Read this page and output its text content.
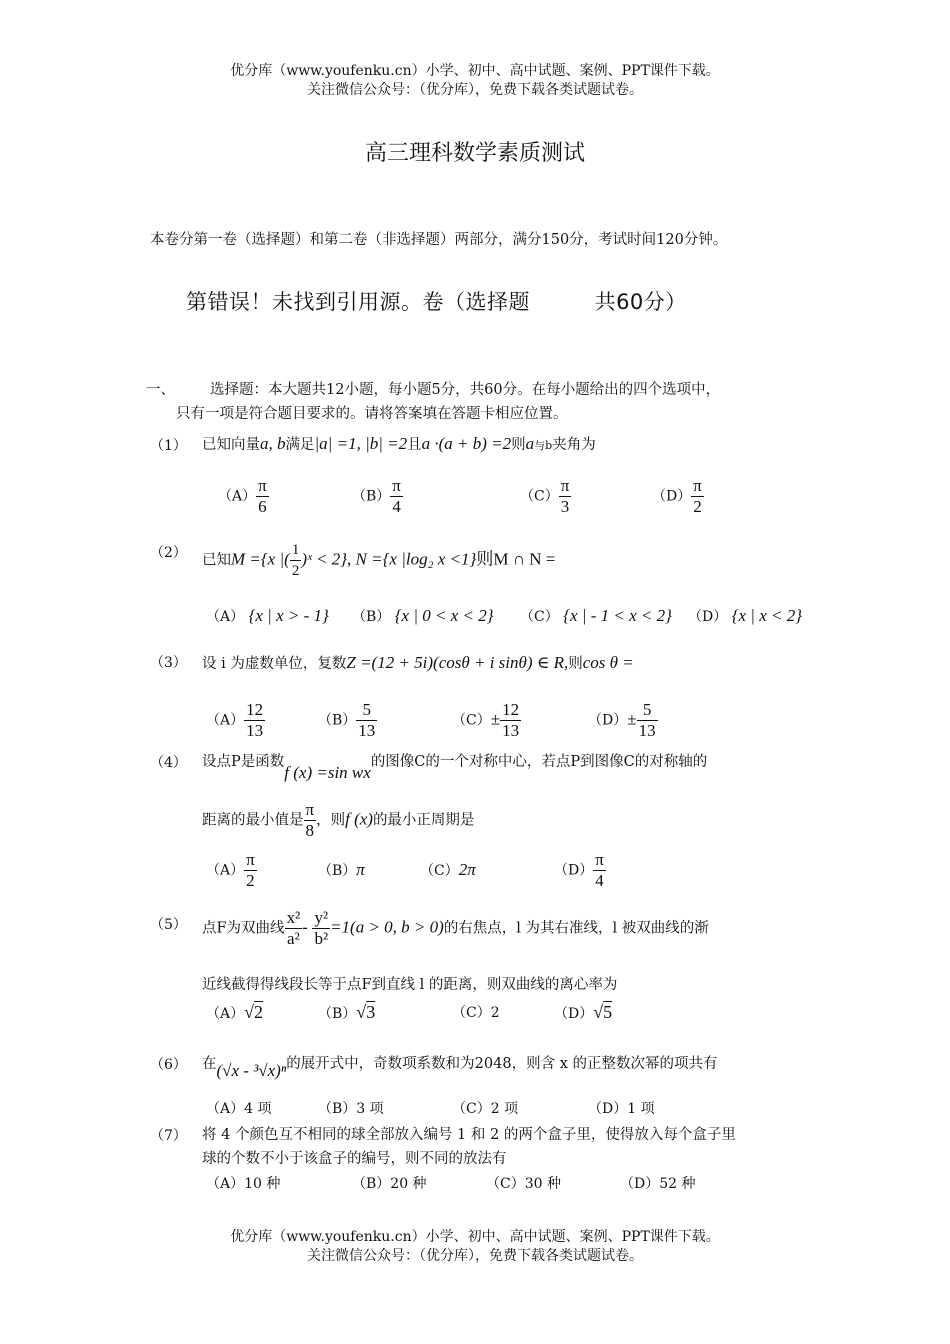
优分库（www.youfenku.cn）小学、初中、高中试题、案例、PPT课件下载。
关注微信公众号：（优分库），免费下载各类试题试卷。
高三理科数学素质测试
本卷分第一卷（选择题）和第二卷（非选择题）两部分，满分150分，考试时间120分钟。
第错误！未找到引用源。卷（选择题         共60分）
一、 选择题：本大题共12小题，每小题5分，共60分。在每小题给出的四个选项中，
只有一项是符合题目要求的。请将答案填在答题卡相应位置。
（1） 已知向量a, b满足|a| =1, |b| =2且a ·(a + b) =2则a与b夹角为
$(A) \frac{\pi}{6}$	$(B) \frac{\pi}{4}$	$(C) \frac{\pi}{3}$	$(D) \frac{\pi}{2}$
（2） 已知M ={x |( $\frac{1}{2}$ )ˣ < 2}, N ={x |log₂ x <1}则M ∩ N =
（A） {x | x > - 1} （B） {x | 0 < x < 2} （C） {x | - 1 < x < 2} （D） {x | x < 2}
（3） 设 i 为虚数单位，复数Z =(12 + 5i)(cosθ + i sinθ) ∈ R,则cos θ =
$(A) \frac{12}{13}$	$(B) \frac{5}{13}$	$(C)\pm \frac{12}{13}$	$(D)\pm \frac{5}{13}$
（4） 设点P是函数f (x) =sin wx的图像C的一个对称中心，若点P到图像C的对称轴的
距离的最小值是 $\frac{\pi}{8}$ ，则f (x)的最小正周期是
$(A) \frac{\pi}{2}$	（B）π	（C）2π	$(D) \frac{\pi}{4}$
（5） 点F为双曲线 $\frac{\text{x²}}{\text{a²}} - \frac{\text{y²}}{\text{b²}} =1(a > 0$, b > 0)的右焦点，l 为其右准线，l 被双曲线的渐
近线截得得线段长等于点F到直线 l 的距离，则双曲线的离心率为
（A）√2	（B）√3	（C）2	（D）√5
（6） 在(√x - ³√x)ⁿ的展开式中，奇数项系数和为2048，则含 x 的正整数次幂的项共有
（A）4 项	（B）3 项	（C）2 项	（D）1 项
（7） 将 4 个颜色互不相同的球全部放入编号 1 和 2 的两个盒子里，使得放入每个盒子里
球的个数不小于该盒子的编号，则不同的放法有
（A）10 种	（B）20 种	（C）30 种	（D）52 种
优分库（www.youfenku.cn）小学、初中、高中试题、案例、PPT课件下载。
关注微信公众号：（优分库），免费下载各类试题试卷。
